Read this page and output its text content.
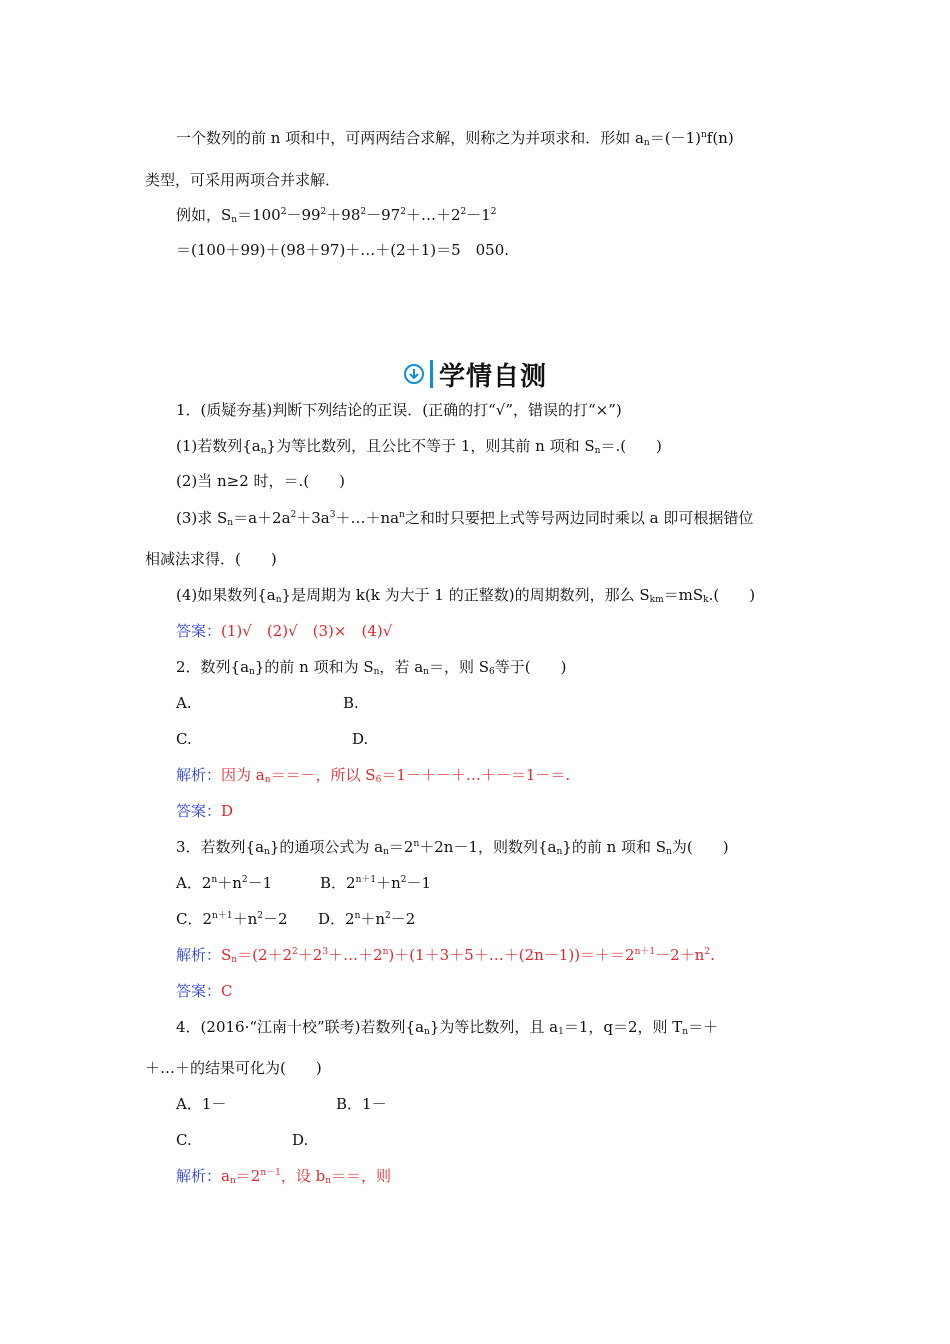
一个数列的前 n 项和中，可两两结合求解，则称之为并项求和．形如 $a_n=(-1)^nf(n)$
类型，可采用两项合并求解．
例如，$S_n=100^2-99^2+98^2-97^2+\dots+2^2-1^2$
＝(100＋99)＋(98＋97)＋…＋(2＋1)＝5　050.
学情自测
1．(质疑夯基)判断下列结论的正误．(正确的打“√”，错误的打“×”)
(1)若数列$\{a_n\}$为等比数列，且公比不等于 1，则其前 n 项和 $S_n=$.(　　)
(2)当 n≥2 时，＝.(　　)
(3)求 $S_n=a+2a^2+3a^3+\dots+na^n$之和时只要把上式等号两边同时乘以 a 即可根据错位
相减法求得．(　　)
(4)如果数列$\{a_n\}$是周期为 k(k 为大于 1 的正整数)的周期数列，那么 $S_{km}=mS_k$.(　　)
答案：(1)√　(2)√　(3)×　(4)√
2．数列$\{a_n\}$的前 n 项和为 $S_n$，若 $a_n=$，则 $S_6$等于(　　)
A.	B.
C.	D.
解析：因为 $a_n==-$，所以 $S_6=1-+-+\dots+-=1-=$.
答案：D
3．若数列$\{a_n\}$的通项公式为 $a_n=2^n+2n-1$，则数列$\{a_n\}$的前 n 项和 $S_n$为(　　)
A．$2^n+n^2-1$	B．$2^{n+1}+n^2-1$
C．$2^{n+1}+n^2-2$ D．$2^n+n^2-2$
解析：$S_n=(2+2^2+2^3+\dots+2^n)+(1+3+5+\dots+(2n-1))=+=2^{n+1}-2+n^2$.
答案：C
4．(2016·“江南十校”联考)若数列$\{a_n\}$为等比数列，且 $a_1=1$，q＝2，则 $T_n=+$
＋…＋的结果可化为(　　)
A．1－	B．1－
C.	D.
解析：$a_n=2^{n-1}$，设 $b_n==$，则
